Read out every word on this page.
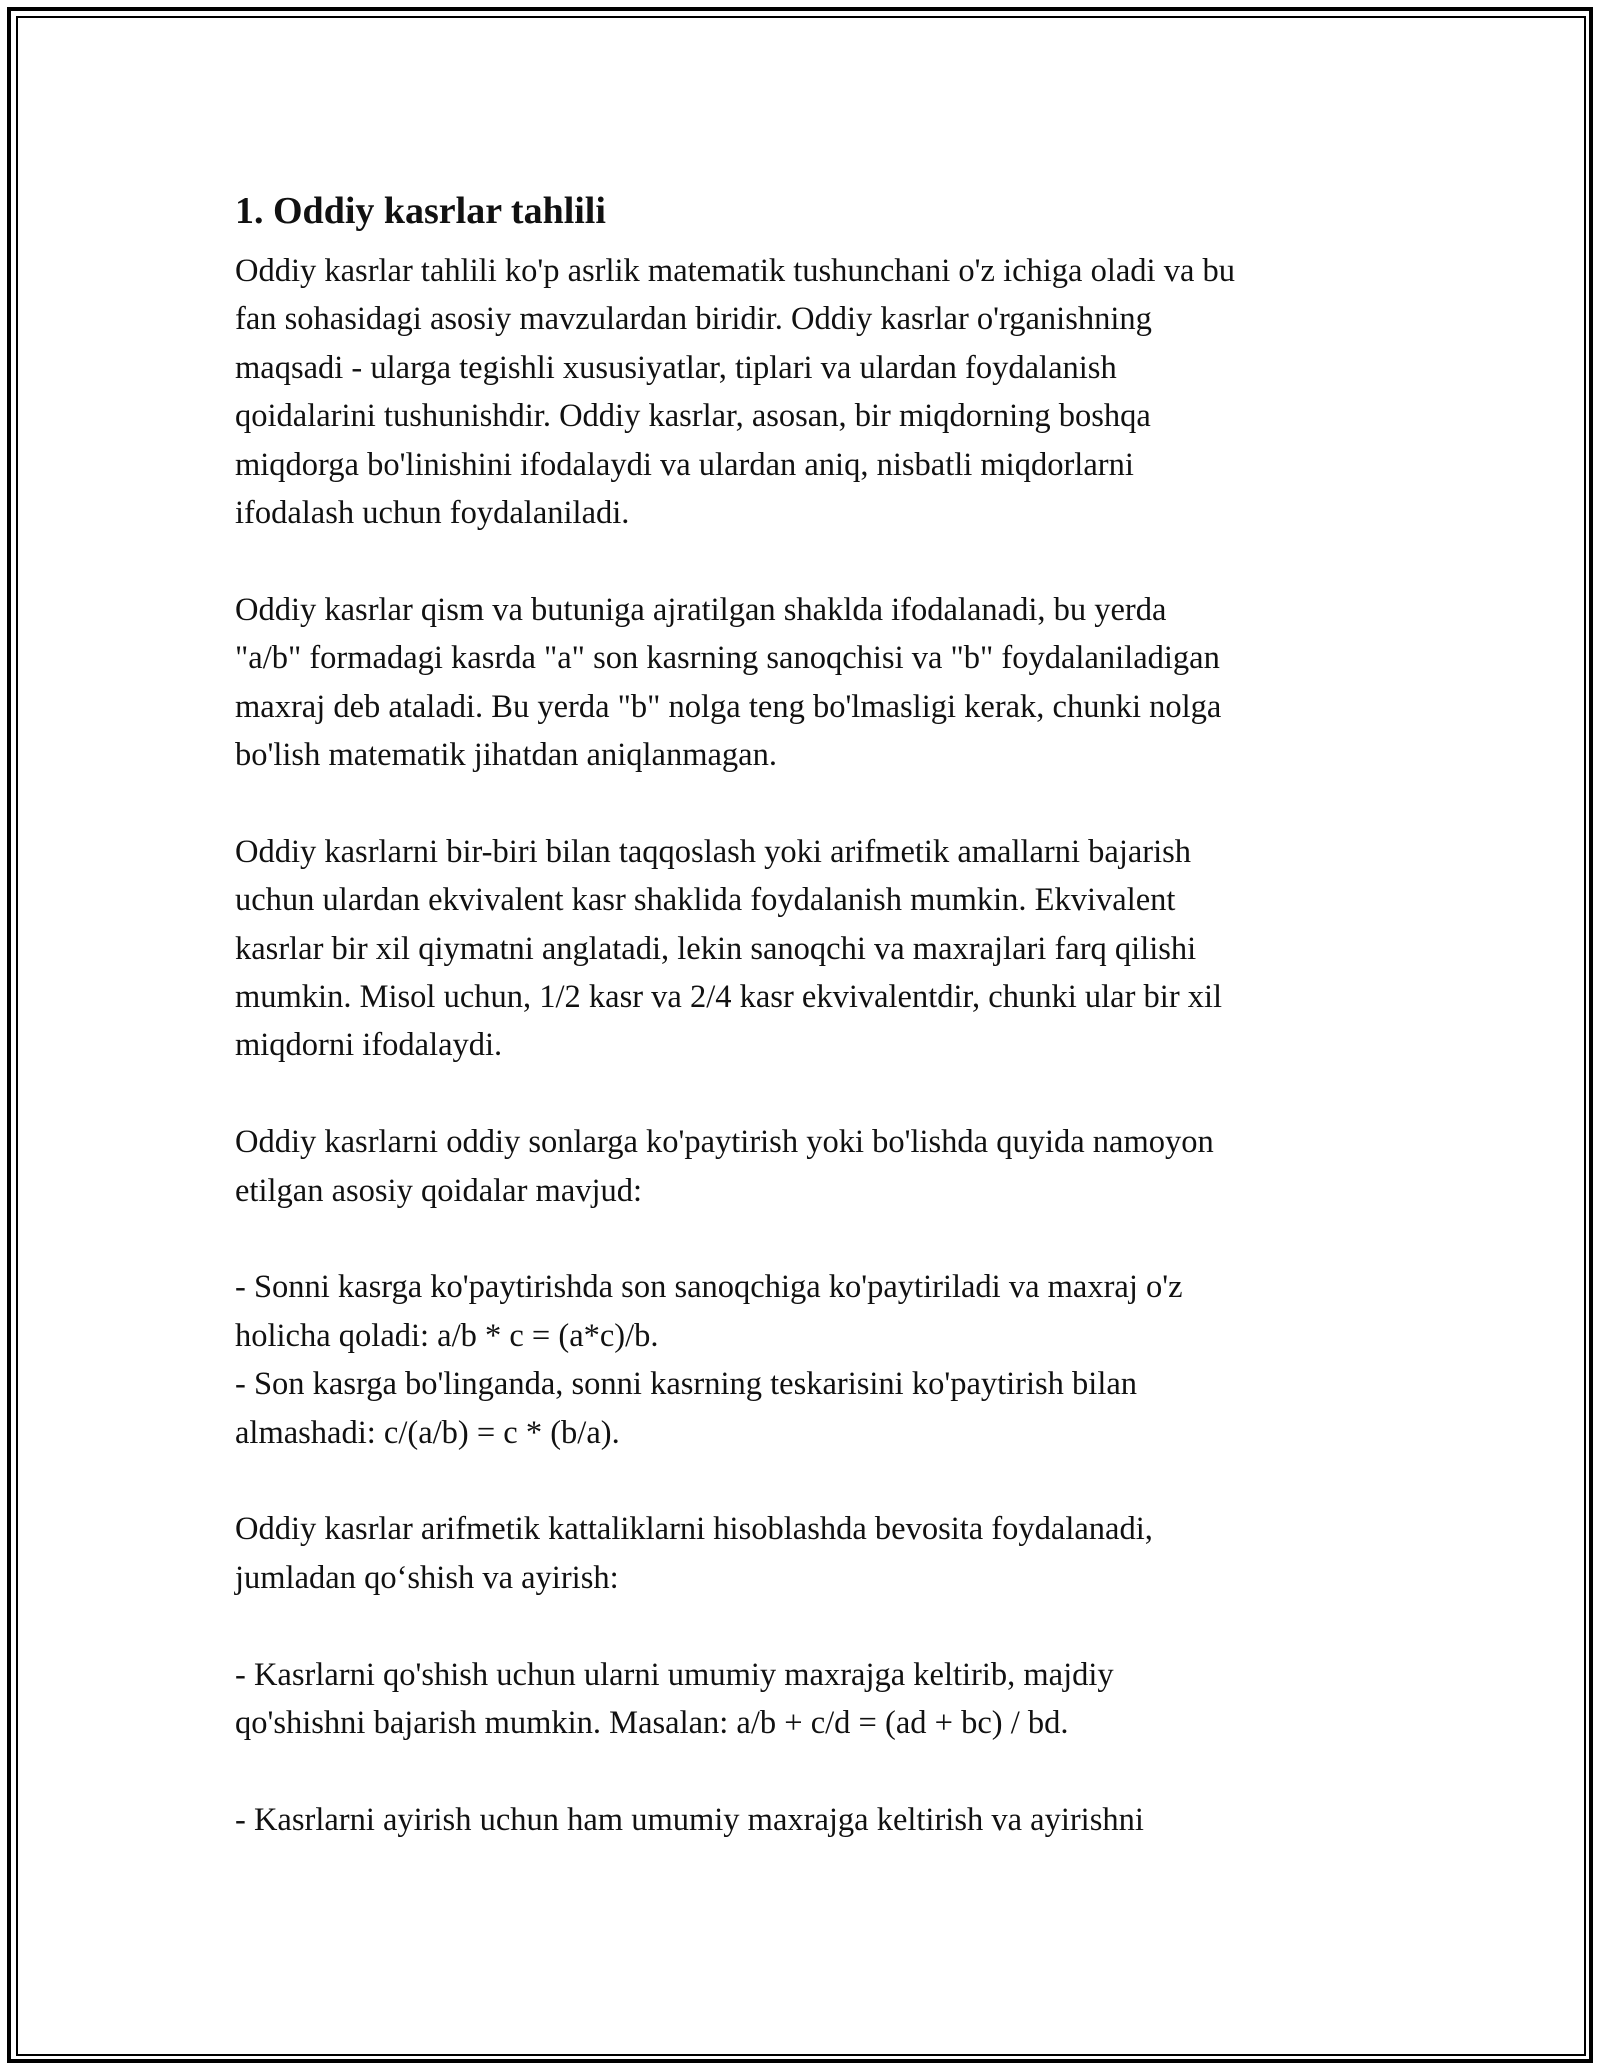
1. Oddiy kasrlar tahlili

Oddiy kasrlar tahlili ko'p asrlik matematik tushunchani o'z ichiga oladi va bu
fan sohasidagi asosiy mavzulardan biridir. Oddiy kasrlar o'rganishning
maqsadi - ularga tegishli xususiyatlar, tiplari va ulardan foydalanish
qoidalarini tushunishdir. Oddiy kasrlar, asosan, bir miqdorning boshqa
miqdorga bo'linishini ifodalaydi va ulardan aniq, nisbatli miqdorlarni
ifodalash uchun foydalaniladi.

Oddiy kasrlar qism va butuniga ajratilgan shaklda ifodalanadi, bu yerda
"a/b" formadagi kasrda "a" son kasrning sanoqchisi va "b" foydalaniladigan
maxraj deb ataladi. Bu yerda "b" nolga teng bo'lmasligi kerak, chunki nolga
bo'lish matematik jihatdan aniqlanmagan.

Oddiy kasrlarni bir-biri bilan taqqoslash yoki arifmetik amallarni bajarish
uchun ulardan ekvivalent kasr shaklida foydalanish mumkin. Ekvivalent
kasrlar bir xil qiymatni anglatadi, lekin sanoqchi va maxrajlari farq qilishi
mumkin. Misol uchun, 1/2 kasr va 2/4 kasr ekvivalentdir, chunki ular bir xil
miqdorni ifodalaydi.

Oddiy kasrlarni oddiy sonlarga ko'paytirish yoki bo'lishda quyida namoyon
etilgan asosiy qoidalar mavjud:

- Sonni kasrga ko'paytirishda son sanoqchiga ko'paytiriladi va maxraj o'z
holicha qoladi: a/b * c = (a*c)/b.
- Son kasrga bo'linganda, sonni kasrning teskarisini ko'paytirish bilan
almashadi: c/(a/b) = c * (b/a).

Oddiy kasrlar arifmetik kattaliklarni hisoblashda bevosita foydalanadi,
jumladan qo‘shish va ayirish:

- Kasrlarni qo'shish uchun ularni umumiy maxrajga keltirib, majdiy
qo'shishni bajarish mumkin. Masalan: a/b + c/d = (ad + bc) / bd.

- Kasrlarni ayirish uchun ham umumiy maxrajga keltirish va ayirishni
